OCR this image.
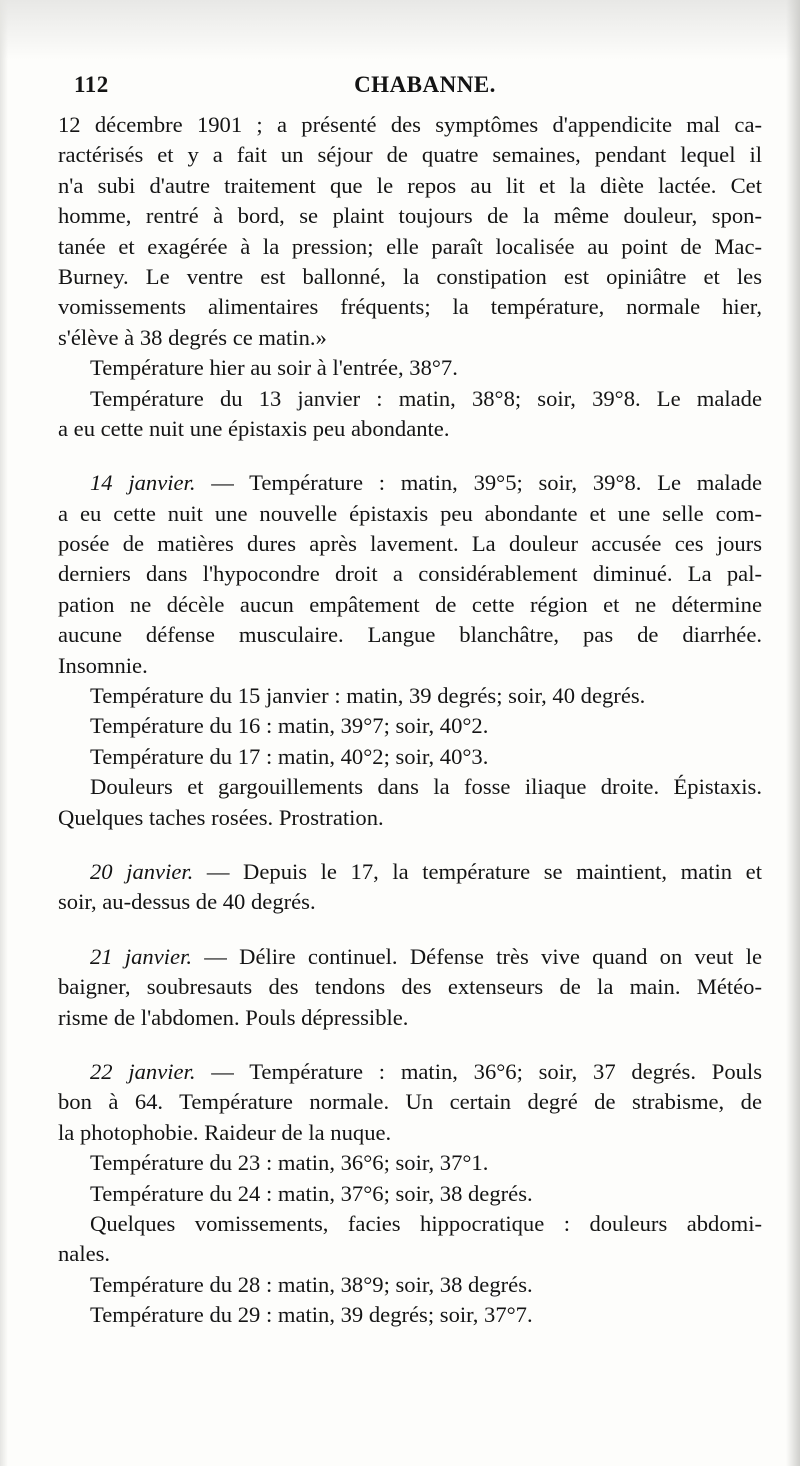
112	CHABANNE.
12 décembre 1901 ; a présenté des symptômes d'appendicite mal ca-
ractérisés et y a fait un séjour de quatre semaines, pendant lequel il
n'a subi d'autre traitement que le repos au lit et la diète lactée. Cet
homme, rentré à bord, se plaint toujours de la même douleur, spon-
tanée et exagérée à la pression; elle paraît localisée au point de Mac-
Burney. Le ventre est ballonné, la constipation est opiniâtre et les
vomissements alimentaires fréquents; la température, normale hier,
s'élève à 38 degrés ce matin.»
Température hier au soir à l'entrée, 38°7.
Température du 13 janvier : matin, 38°8; soir, 39°8. Le malade
a eu cette nuit une épistaxis peu abondante.
14 janvier. — Température : matin, 39°5; soir, 39°8. Le malade
a eu cette nuit une nouvelle épistaxis peu abondante et une selle com-
posée de matières dures après lavement. La douleur accusée ces jours
derniers dans l'hypocondre droit a considérablement diminué. La pal-
pation ne décèle aucun empâtement de cette région et ne détermine
aucune défense musculaire. Langue blanchâtre, pas de diarrhée.
Insomnie.
Température du 15 janvier : matin, 39 degrés; soir, 40 degrés.
Température du 16 : matin, 39°7; soir, 40°2.
Température du 17 : matin, 40°2; soir, 40°3.
Douleurs et gargouillements dans la fosse iliaque droite. Épistaxis.
Quelques taches rosées. Prostration.
20 janvier. — Depuis le 17, la température se maintient, matin et
soir, au-dessus de 40 degrés.
21 janvier. — Délire continuel. Défense très vive quand on veut le
baigner, soubresauts des tendons des extenseurs de la main. Météo-
risme de l'abdomen. Pouls dépressible.
22 janvier. — Température : matin, 36°6; soir, 37 degrés. Pouls
bon à 64. Température normale. Un certain degré de strabisme, de
la photophobie. Raideur de la nuque.
Température du 23 : matin, 36°6; soir, 37°1.
Température du 24 : matin, 37°6; soir, 38 degrés.
Quelques vomissements, facies hippocratique : douleurs abdomi-
nales.
Température du 28 : matin, 38°9; soir, 38 degrés.
Température du 29 : matin, 39 degrés; soir, 37°7.
